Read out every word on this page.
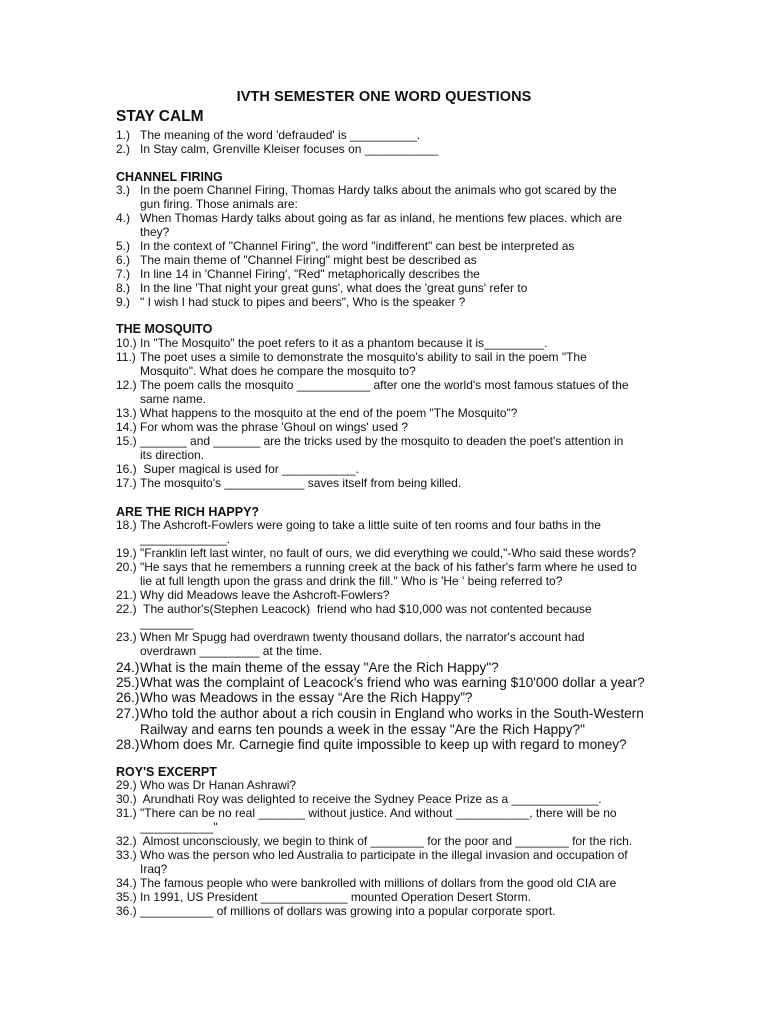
IVTH SEMESTER ONE WORD QUESTIONS
STAY CALM
1.) The meaning of the word 'defrauded' is __________.
2.) In Stay calm, Grenville Kleiser focuses on ___________
CHANNEL FIRING
3.) In the poem Channel Firing, Thomas Hardy talks about the animals who got scared by the
gun firing. Those animals are:
4.) When Thomas Hardy talks about going as far as inland, he mentions few places. which are
they?
5.) In the context of "Channel Firing", the word "indifferent" can best be interpreted as
6.) The main theme of "Channel Firing" might best be described as
7.) In line 14 in 'Channel Firing', "Red" metaphorically describes the
8.) In the line 'That night your great guns', what does the 'great guns' refer to
9.) " I wish I had stuck to pipes and beers", Who is the speaker ?
THE MOSQUITO
10.) In "The Mosquito" the poet refers to it as a phantom because it is_________.
11.) The poet uses a simile to demonstrate the mosquito's ability to sail in the poem "The
Mosquito". What does he compare the mosquito to?
12.) The poem calls the mosquito ___________ after one the world's most famous statues of the
same name.
13.) What happens to the mosquito at the end of the poem "The Mosquito"?
14.) For whom was the phrase 'Ghoul on wings' used ?
15.) _______ and _______ are the tricks used by the mosquito to deaden the poet's attention in
its direction.
16.) Super magical is used for ___________.
17.) The mosquito's ____________ saves itself from being killed.
ARE THE RICH HAPPY?
18.) The Ashcroft-Fowlers were going to take a little suite of ten rooms and four baths in the
_____________.
19.) "Franklin left last winter, no fault of ours, we did everything we could,"-Who said these words?
20.) "He says that he remembers a running creek at the back of his father's farm where he used to
lie at full length upon the grass and drink the fill." Who is 'He ' being referred to?
21.) Why did Meadows leave the Ashcroft-Fowlers?
22.) The author's(Stephen Leacock)  friend who had $10,000 was not contented because
________
23.) When Mr Spugg had overdrawn twenty thousand dollars, the narrator's account had
overdrawn _________ at the time.
24.)What is the main theme of the essay "Are the Rich Happy"?
25.)What was the complaint of Leacock's friend who was earning $10'000 dollar a year?
26.)Who was Meadows in the essay “Are the Rich Happy”?
27.)Who told the author about a rich cousin in England who works in the South-Western
Railway and earns ten pounds a week in the essay "Are the Rich Happy?"
28.)Whom does Mr. Carnegie find quite impossible to keep up with regard to money?
ROY'S EXCERPT
29.) Who was Dr Hanan Ashrawi?
30.) Arundhati Roy was delighted to receive the Sydney Peace Prize as a _____________.
31.) "There can be no real _______ without justice. And without ___________, there will be no
___________"
32.) Almost unconsciously, we begin to think of ________ for the poor and ________ for the rich.
33.) Who was the person who led Australia to participate in the illegal invasion and occupation of
Iraq?
34.) The famous people who were bankrolled with millions of dollars from the good old CIA are
35.) In 1991, US President _____________ mounted Operation Desert Storm.
36.) ___________ of millions of dollars was growing into a popular corporate sport.
